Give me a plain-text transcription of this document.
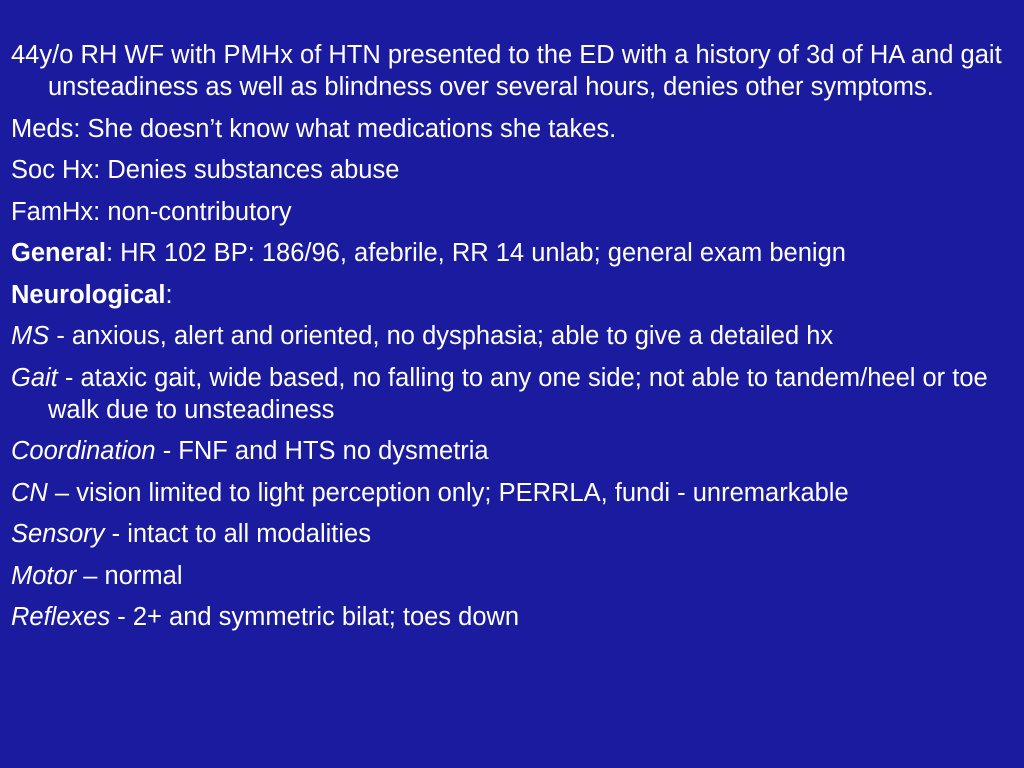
44y/o RH WF with PMHx of HTN presented to the ED with a history of 3d of HA and gait unsteadiness as well as blindness over several hours, denies other symptoms.
Meds: She doesn’t know what medications she takes.
Soc Hx: Denies substances abuse
FamHx: non-contributory
General: HR 102 BP: 186/96, afebrile, RR 14 unlab; general exam benign
Neurological:
MS - anxious, alert and oriented, no dysphasia; able to give a detailed hx
Gait - ataxic gait, wide based, no falling to any one side; not able to tandem/heel or toe walk due to unsteadiness
Coordination - FNF and HTS no dysmetria
CN – vision limited to light perception only; PERRLA, fundi - unremarkable
Sensory - intact to all modalities
Motor – normal
Reflexes - 2+ and symmetric bilat; toes down
